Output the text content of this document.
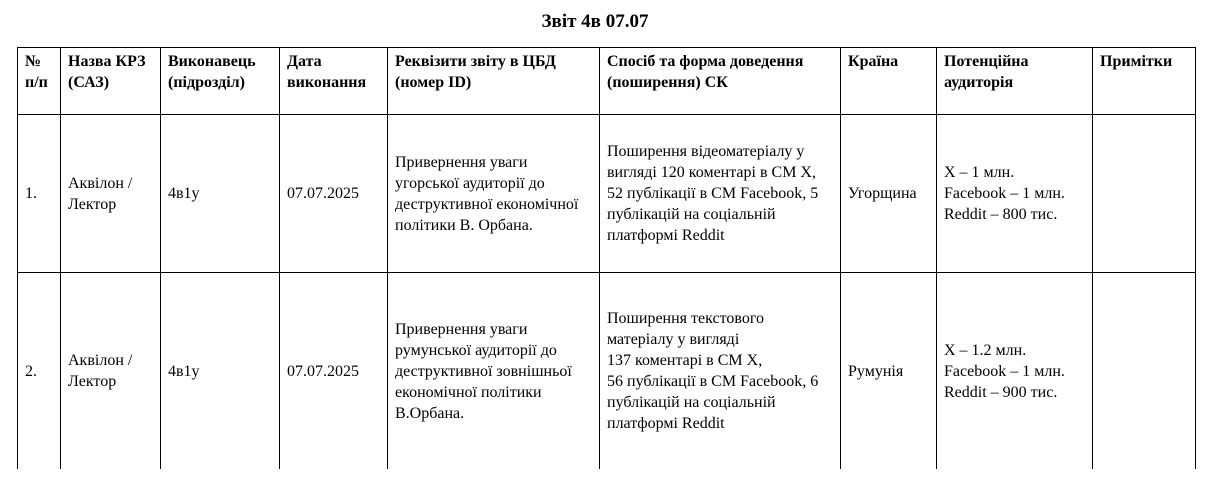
Звіт 4в 07.07
№ п/п	Назва КРЗ (САЗ)	Виконавець (підрозділ)	Дата виконання	Реквізити звіту в ЦБД (номер ID)	Спосіб та форма доведення (поширення) СК	Країна	Потенційна аудиторія	Примітки
1.	Аквілон / Лектор	4в1у	07.07.2025	Привернення уваги угорської аудиторії до деструктивної економічної політики В. Орбана.	Поширення відеоматеріалу у вигляді 120 коментарі в СМ Х, 52 публікації в СМ Facebook, 5 публікацій на соціальній платформі Reddit	Угорщина	X – 1 млн.
Facebook – 1 млн.
Reddit – 800 тис.	
2.	Аквілон / Лектор	4в1у	07.07.2025	Привернення уваги румунської аудиторії до деструктивної зовнішньої економічної політики В.Орбана.	Поширення текстового матеріалу у вигляді
137 коментарі в СМ Х,
56 публікації в СМ Facebook, 6 публікацій на соціальній платформі Reddit	Румунія	X – 1.2 млн.
Facebook – 1 млн.
Reddit – 900 тис.	
